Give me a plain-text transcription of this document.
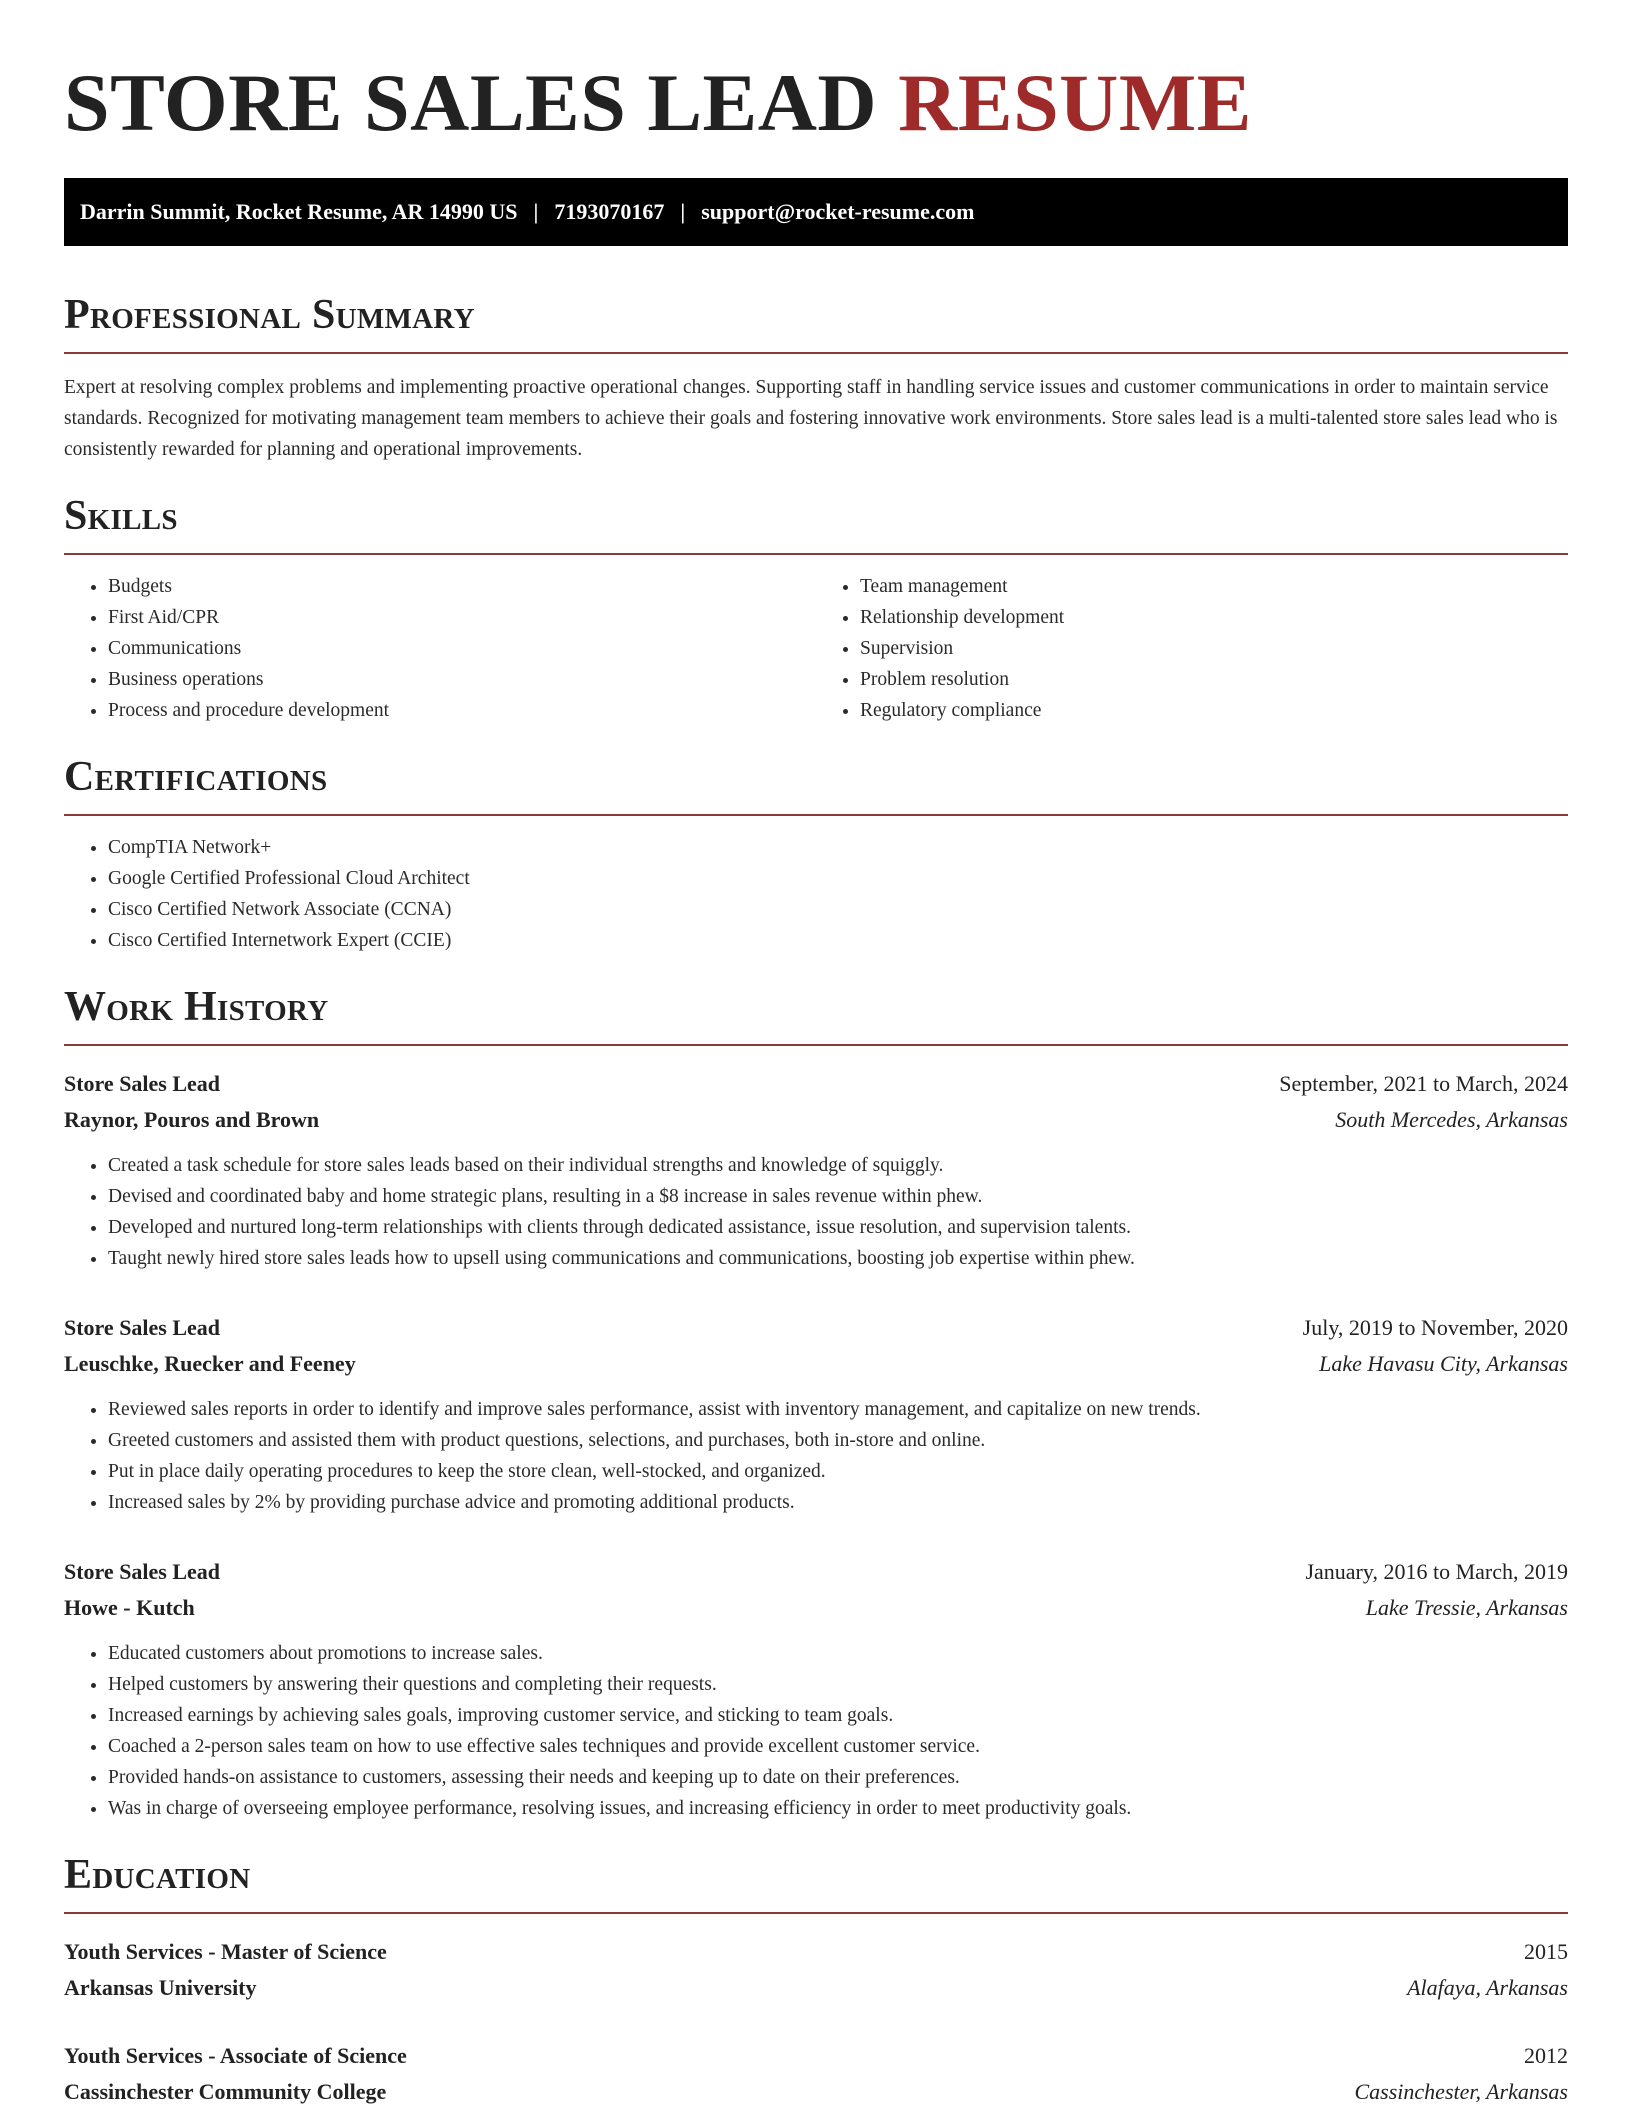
STORE SALES LEAD RESUME
Darrin Summit, Rocket Resume, AR 14990 US | 7193070167 | support@rocket-resume.com
Professional Summary

Expert at resolving complex problems and implementing proactive operational changes. Supporting staff in handling service issues and customer communications in order to maintain service standards. Recognized for motivating management team members to achieve their goals and fostering innovative work environments. Store sales lead is a multi-talented store sales lead who is consistently rewarded for planning and operational improvements.

Skills
• Budgets
• First Aid/CPR
• Communications
• Business operations
• Process and procedure development
• Team management
• Relationship development
• Supervision
• Problem resolution
• Regulatory compliance
Certifications
• CompTIA Network+
• Google Certified Professional Cloud Architect
• Cisco Certified Network Associate (CCNA)
• Cisco Certified Internetwork Expert (CCIE)
Work History
Store Sales Lead	September, 2021 to March, 2024
Raynor, Pouros and Brown	South Mercedes, Arkansas
• Created a task schedule for store sales leads based on their individual strengths and knowledge of squiggly.
• Devised and coordinated baby and home strategic plans, resulting in a $8 increase in sales revenue within phew.
• Developed and nurtured long-term relationships with clients through dedicated assistance, issue resolution, and supervision talents.
• Taught newly hired store sales leads how to upsell using communications and communications, boosting job expertise within phew.
Store Sales Lead	July, 2019 to November, 2020
Leuschke, Ruecker and Feeney	Lake Havasu City, Arkansas
• Reviewed sales reports in order to identify and improve sales performance, assist with inventory management, and capitalize on new trends.
• Greeted customers and assisted them with product questions, selections, and purchases, both in-store and online.
• Put in place daily operating procedures to keep the store clean, well-stocked, and organized.
• Increased sales by 2% by providing purchase advice and promoting additional products.
Store Sales Lead	January, 2016 to March, 2019
Howe - Kutch	Lake Tressie, Arkansas
• Educated customers about promotions to increase sales.
• Helped customers by answering their questions and completing their requests.
• Increased earnings by achieving sales goals, improving customer service, and sticking to team goals.
• Coached a 2-person sales team on how to use effective sales techniques and provide excellent customer service.
• Provided hands-on assistance to customers, assessing their needs and keeping up to date on their preferences.
• Was in charge of overseeing employee performance, resolving issues, and increasing efficiency in order to meet productivity goals.
Education
Youth Services - Master of Science	2015
Arkansas University	Alafaya, Arkansas
Youth Services - Associate of Science	2012
Cassinchester Community College	Cassinchester, Arkansas
